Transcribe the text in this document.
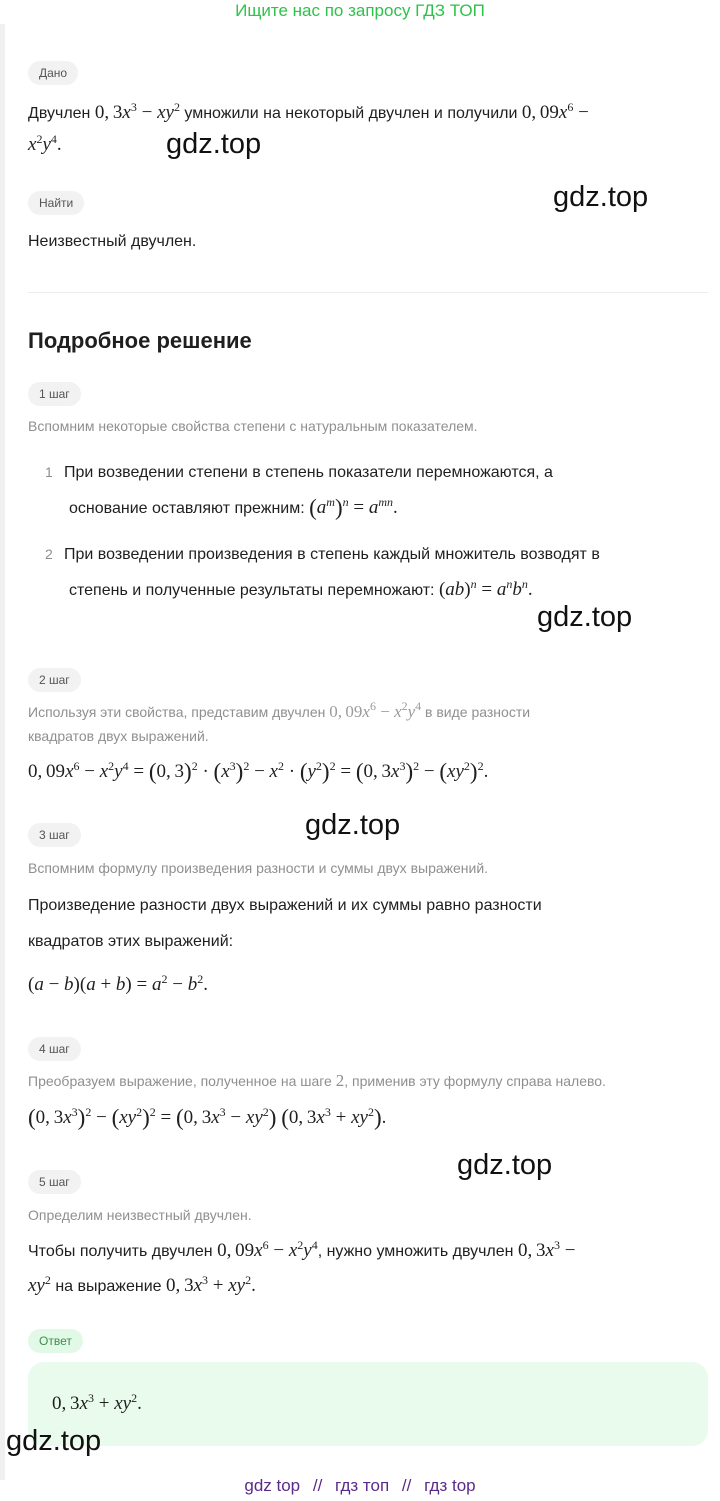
Ищите нас по запросу ГДЗ ТОП
Дано
Двучлен 0, $3x^3 - xy^2$ умножили на некоторый двучлен и получили 0, $09x^6$ −
$x^2y^4$.
Найти
Неизвестный двучлен.
Подробное решение
1 шаг
Вспомним некоторые свойства степени с натуральным показателем.
1 При возведении степени в степень показатели перемножаются, а
основание оставляют прежним: $(a^m)^n = a^{mn}$.
2 При возведении произведения в степень каждый множитель возводят в
степень и полученные результаты перемножают: $(ab)^n = a^nb^n$.
2 шаг
Используя эти свойства, представим двучлен 0, $09x^6 - x^2y^4$ в виде разности
квадратов двух выражений.
0, $09x^6 - x^2y^4 = (0$, $3)^2 \cdot (x^3)^2 - x^2 \cdot (y^2)^2 = (0$, $3x^3)^2 - (xy^2)^2$.
3 шаг
Вспомним формулу произведения разности и суммы двух выражений.
Произведение разности двух выражений и их суммы равно разности
квадратов этих выражений:
$(a - b)(a + b) = a^2 - b^2$.
4 шаг
Преобразуем выражение, полученное на шаге 2, применив эту формулу справа налево.
(0, $3x^3)^2 - (xy^2)^2 = (0$, $3x^3 - xy^2$) (0, $3x^3 + xy^2$).
5 шаг
Определим неизвестный двучлен.
Чтобы получить двучлен 0, $09x^6 - x^2y^4$, нужно умножить двучлен 0, $3x^3$ −
$xy^2$ на выражение 0, $3x^3 + xy^2$.
Ответ
0, $3x^3 + xy^2$.
gdz.top
gdz.top
gdz.top
gdz.top
gdz.top
gdz.top
gdz top // гдз топ // гдз top
